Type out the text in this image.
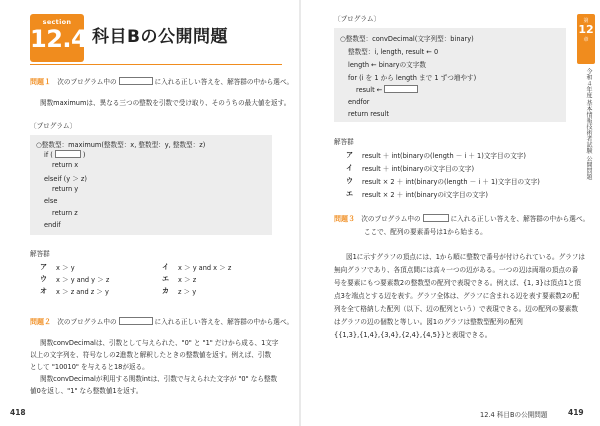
section
12.4 科目Bの公開問題
問題１ 次のプログラム中の	に入れる正しい答えを、解答群の中から選べ。
関数maximumは、異なる三つの整数を引数で受け取り、そのうちの最大値を返す。
〔プログラム〕
○整数型：maximum(整数型：x, 整数型：y, 整数型：z)
if (	)
return x
elseif (y ＞ z)
return y
else
return z
endif
解答群
ア x ＞ y	イ x ＞ y and x ＞ z
ウ x ＞ y and y ＞ z	エ x ＞ z
オ x ＞ z and z ＞ y	カ z ＞ y
問題２ 次のプログラム中の	に入れる正しい答えを、解答群の中から選べ。
関数convDecimalは、引数として与えられた、"0" と "1" だけから成る、1文字
以上の文字列を、符号なしの2進数と解釈したときの整数値を返す。例えば、引数
として "10010" を与えると18が返る。
関数convDecimalが利用する関数intは、引数で与えられた文字が "0" なら整数
値0を返し、"1" なら整数値1を返す。
418
〔プログラム〕
○整数型：convDecimal(文字列型：binary)
整数型：i, length, result ← 0
length ← binaryの文字数
for (i を 1 から length まで 1 ずつ増やす)
result ←
endfor
return result
解答群
ア result ＋ int(binaryの(length － i ＋ 1)文字目の文字)
イ result ＋ int(binaryのi文字目の文字)
ウ result × 2 ＋ int(binaryの(length － i ＋ 1)文字目の文字)
エ result × 2 ＋ int(binaryのi文字目の文字)
問題３ 次のプログラム中の	に入れる正しい答えを、解答群の中から選べ。
ここで、配列の要素番号は1から始まる。
図1に示すグラフの頂点には、1から順に整数で番号が付けられている。グラフは
無向グラフであり、各頂点間には高々一つの辺がある。一つの辺は両端の頂点の番
号を要素にもつ要素数2の整数型の配列で表現できる。例えば、{1, 3}は頂点1と頂
点3を端点とする辺を表す。グラフ全体は、グラフに含まれる辺を表す要素数2の配
列を全て格納した配列（以下、辺の配列という）で表現できる。辺の配列の要素数
はグラフの辺の個数と等しい。図1のグラフは整数型配列の配列
{{1,3},{1,4},{3,4},{2,4},{4,5}}と表現できる。
12.4 科目Bの公開問題	419
第
12
章
令和４年度 基本情報技術者試験 公開問題
